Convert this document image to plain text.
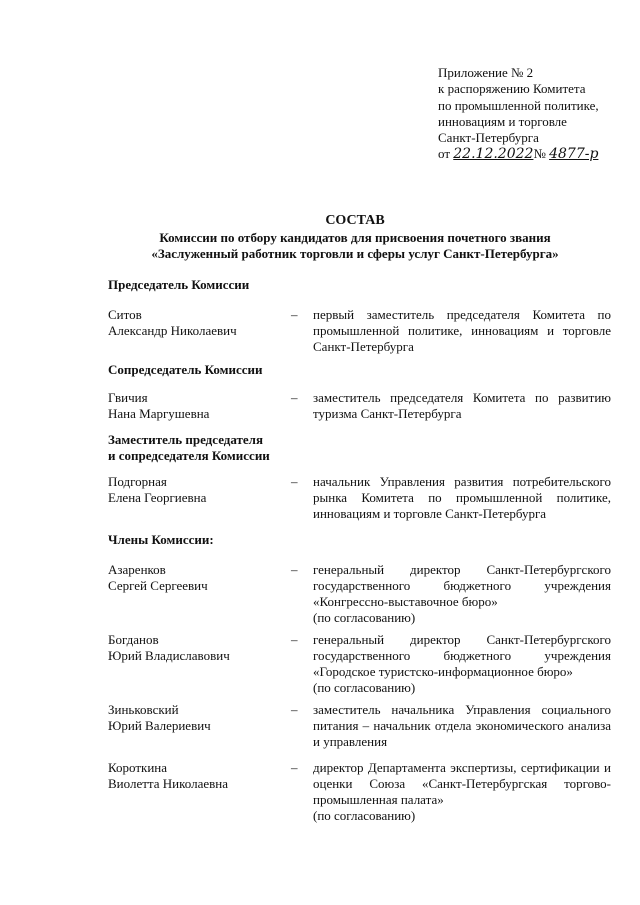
Приложение № 2
к распоряжению Комитета
по промышленной политике,
инновациям и торговле
Санкт-Петербурга
от 22.12.2022№ 4877-р
СОСТАВ
Комиссии по отбору кандидатов для присвоения почетного звания
«Заслуженный работник торговли и сферы услуг Санкт-Петербурга»
Председатель Комиссии
Ситов
Александр Николаевич
–	первый заместитель председателя Комитета по промышленной политике, инновациям и торговле Санкт-Петербурга
Сопредседатель Комиссии
Гвичия
Нана Маргушевна
–	заместитель председателя Комитета по развитию туризма Санкт-Петербурга
Заместитель председателя
и сопредседателя Комиссии
Подгорная
Елена Георгиевна
–	начальник Управления развития потребительского рынка Комитета по промышленной политике, инновациям и торговле Санкт-Петербурга
Члены Комиссии:
Азаренков
Сергей Сергеевич
–	генеральный директор Санкт-Петербургского государственного бюджетного учреждения «Конгрессно-выставочное бюро»
(по согласованию)
Богданов
Юрий Владиславович
–	генеральный директор Санкт-Петербургского государственного бюджетного учреждения «Городское туристско-информационное бюро»
(по согласованию)
Зиньковский
Юрий Валериевич
–	заместитель начальника Управления социального питания – начальник отдела экономического анализа и управления
Короткина
Виолетта Николаевна
–	директор Департамента экспертизы, сертификации и оценки Союза «Санкт-Петербургская торгово-промышленная палата»
(по согласованию)
